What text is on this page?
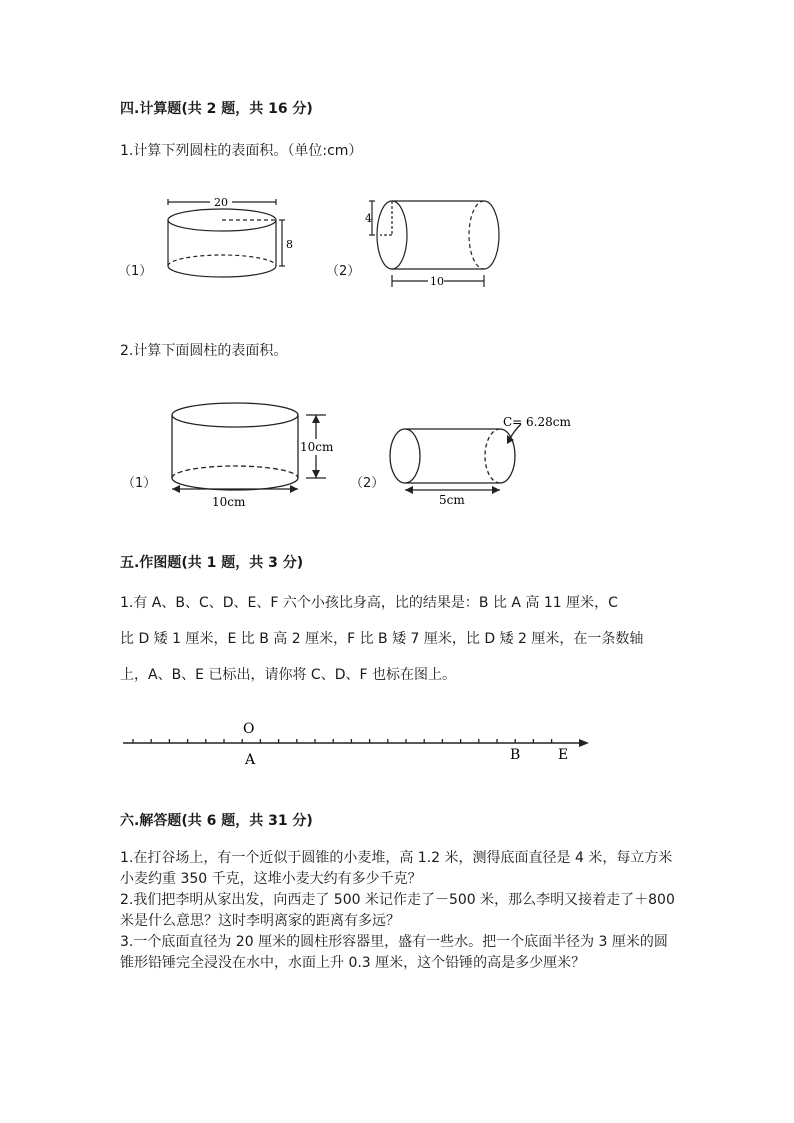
四.计算题(共 2 题，共 16 分)
1.计算下列圆柱的表面积。（单位:cm）
（1）
20
8
（2）
4
10
2.计算下面圆柱的表面积。
（1）
10cm
10cm
（2）
C= 6.28cm
5cm
五.作图题(共 1 题，共 3 分)
1.有 A、B、C、D、E、F 六个小孩比身高，比的结果是：B 比 A 高 11 厘米，C
比 D 矮 1 厘米，E 比 B 高 2 厘米，F 比 B 矮 7 厘米，比 D 矮 2 厘米，在一条数轴
上，A、B、E 已标出，请你将 C、D、F 也标在图上。
O
A	B	E
六.解答题(共 6 题，共 31 分)
1.在打谷场上，有一个近似于圆锥的小麦堆，高 1.2 米，测得底面直径是 4 米，每立方米小麦约重 350 千克，这堆小麦大约有多少千克？
2.我们把李明从家出发，向西走了 500 米记作走了－500 米，那么李明又接着走了＋800 米是什么意思？这时李明离家的距离有多远？
3.一个底面直径为 20 厘米的圆柱形容器里，盛有一些水。把一个底面半径为 3 厘米的圆锥形铅锤完全浸没在水中，水面上升 0.3 厘米，这个铅锤的高是多少厘米？
